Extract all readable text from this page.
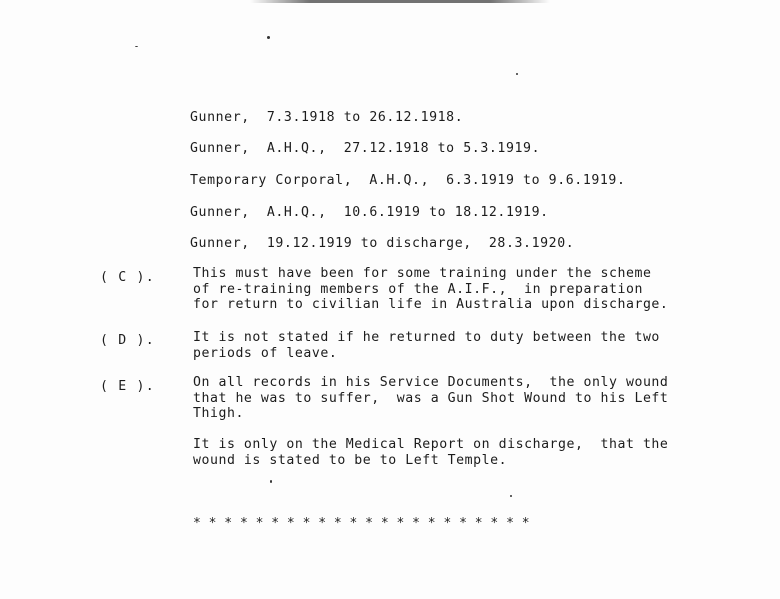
Gunner,  7.3.1918 to 26.12.1918.
Gunner,  A.H.Q.,  27.12.1918 to 5.3.1919.
Temporary Corporal,  A.H.Q.,  6.3.1919 to 9.6.1919.
Gunner,  A.H.Q.,  10.6.1919 to 18.12.1919.
Gunner,  19.12.1919 to discharge,  28.3.1920.
( C ).	This must have been for some training under the scheme
of re-training members of the A.I.F.,  in preparation
for return to civilian life in Australia upon discharge.
( D ).	It is not stated if he returned to duty between the two
periods of leave.
( E ).	On all records in his Service Documents,  the only wound
that he was to suffer,  was a Gun Shot Wound to his Left
Thigh.
It is only on the Medical Report on discharge,  that the
wound is stated to be to Left Temple.
* * * * * * * * * * * * * * * * * * * * * *
